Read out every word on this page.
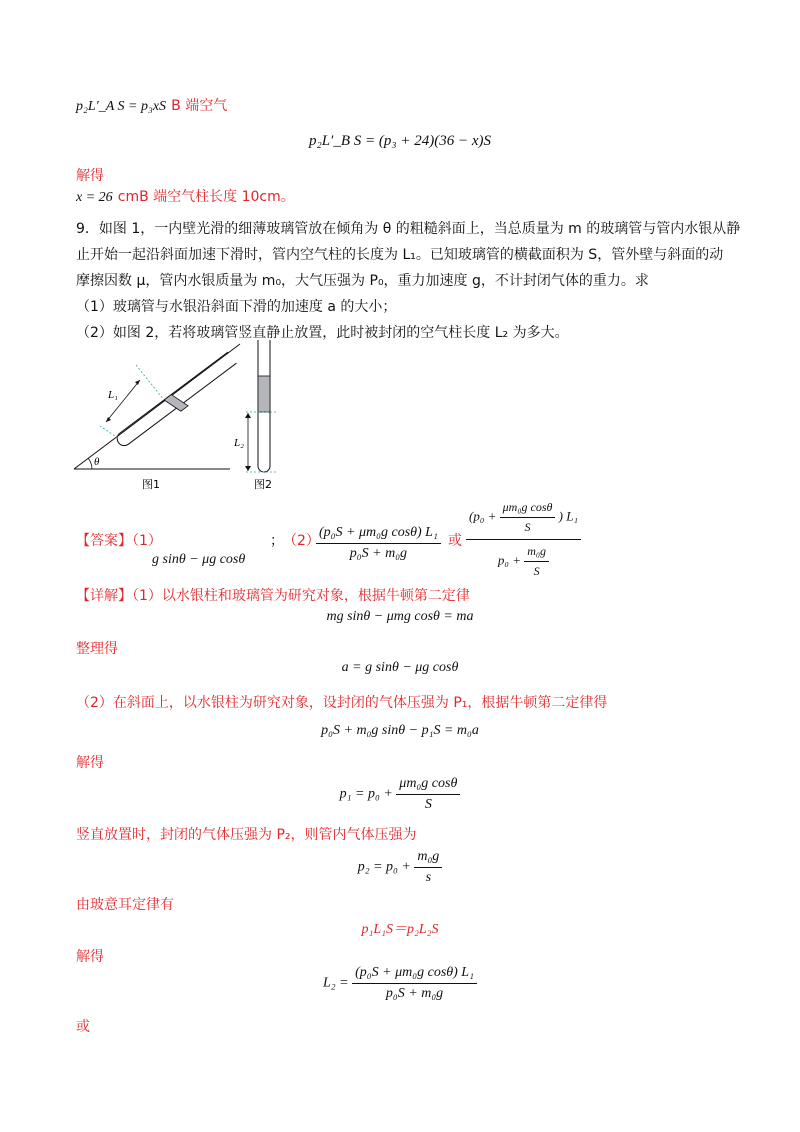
p₂L′_A S = p₃xS B 端空气
p₂L′_B S = (p₃ + 24)(36 − x)S
解得
x = 26 cmB 端空气柱长度 10cm。
9．如图 1，一内壁光滑的细薄玻璃管放在倾角为 θ 的粗糙斜面上，当总质量为 m 的玻璃管与管内水银从静
止开始一起沿斜面加速下滑时，管内空气柱的长度为 L₁。已知玻璃管的横截面积为 S，管外壁与斜面的动
摩擦因数 μ，管内水银质量为 m₀，大气压强为 P₀，重力加速度 g，不计封闭气体的重力。求
（1）玻璃管与水银沿斜面下滑的加速度 a 的大小；
（2）如图 2，若将玻璃管竖直静止放置，此时被封闭的空气柱长度 L₂ 为多大。
θ
L₁
L₂
图1	图2
【答案】（1）
g sinθ − μg cosθ
； （2）
$\frac{\text{(p₀S + μm₀g cosθ) L₁}}{\text{p₀S + m₀g}}$ 或 $\frac{(p_0 + \frac{\text{μm₀g cosθ}}{S} ) L_1}{p_0 + \frac{\text{m₀g}}{S}}$
【详解】（1）以水银柱和玻璃管为研究对象，根据牛顿第二定律
mg sinθ − μmg cosθ = ma
整理得
a = g sinθ − μg cosθ
（2）在斜面上，以水银柱为研究对象，设封闭的气体压强为 P₁，根据牛顿第二定律得
p₀S + m₀g sinθ − p₁S = m₀a
解得
$p_1 = p_0 + \frac{\text{μm₀g cosθ}}{S}$
竖直放置时，封闭的气体压强为 P₂，则管内气体压强为
$p_2 = p_0 + \frac{\text{m₀g}}{s}$
由玻意耳定律有
p₁L₁S＝p₂L₂S
解得
$L_2 = \frac{\text{(p₀S + μm₀g cosθ) L₁}}{\text{p₀S + m₀g}}$
或
